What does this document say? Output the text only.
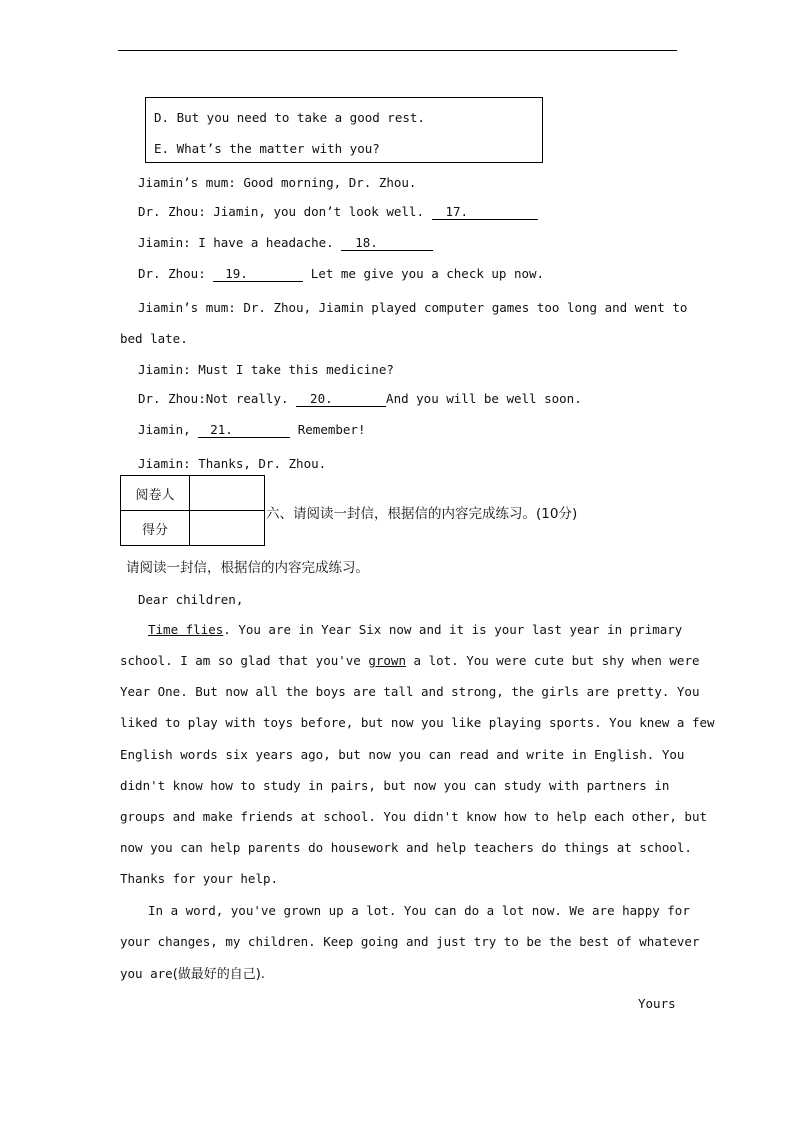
D. But you need to take a good rest.
E. What’s the matter with you?
Jiamin’s mum: Good morning, Dr. Zhou.
Dr. Zhou: Jiamin, you don’t look well. 17.
Jiamin: I have a headache. 18.
Dr. Zhou: 19.	Let me give you a check up now.
Jiamin’s mum: Dr. Zhou, Jiamin played computer games too long and went to
bed late.
Jiamin: Must I take this medicine?
Dr. Zhou:Not really. 20.	And you will be well soon.
Jiamin, 21.	Remember!
Jiamin: Thanks, Dr. Zhou.
阅卷人	
得分	
六、请阅读一封信，根据信的内容完成练习。(10分)
请阅读一封信，根据信的内容完成练习。
Dear children,
Time flies. You are in Year Six now and it is your last year in primary
school. I am so glad that you've grown a lot. You were cute but shy when were
Year One. But now all the boys are tall and strong, the girls are pretty. You
liked to play with toys before, but now you like playing sports. You knew a few
English words six years ago, but now you can read and write in English. You
didn't know how to study in pairs, but now you can study with partners in
groups and make friends at school. You didn't know how to help each other, but
now you can help parents do housework and help teachers do things at school.
Thanks for your help.
In a word, you've grown up a lot. You can do a lot now. We are happy for
your changes, my children. Keep going and just try to be the best of whatever
you are(做最好的自己).
Yours
